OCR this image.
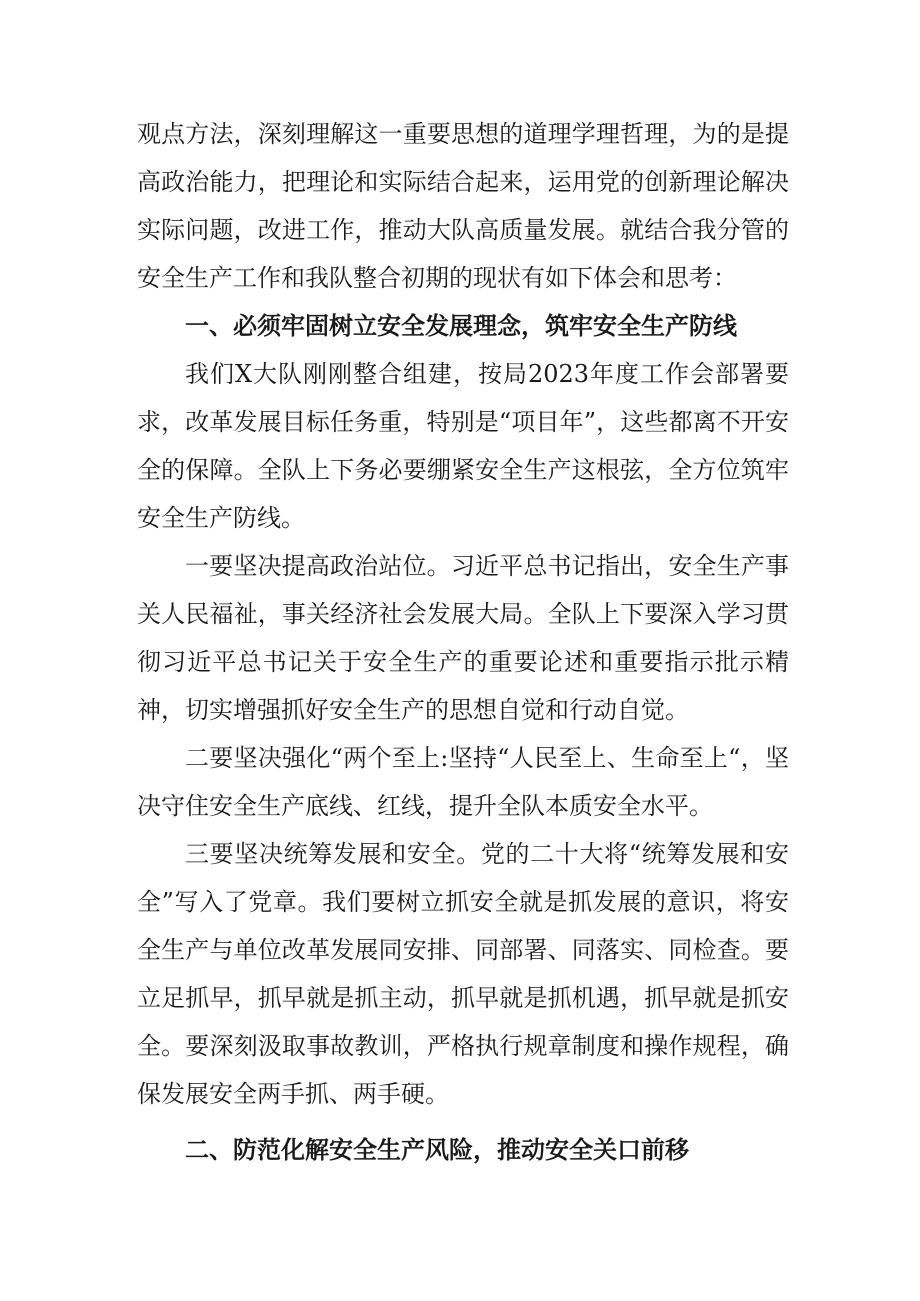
观点方法，深刻理解这一重要思想的道理学理哲理，为的是提高政治能力，把理论和实际结合起来，运用党的创新理论解决实际问题，改进工作，推动大队高质量发展。就结合我分管的安全生产工作和我队整合初期的现状有如下体会和思考：

一、必须牢固树立安全发展理念，筑牢安全生产防线

我们X大队刚刚整合组建，按局2023年度工作会部署要求，改革发展目标任务重，特别是“项目年”，这些都离不开安全的保障。全队上下务必要绷紧安全生产这根弦，全方位筑牢安全生产防线。

一要坚决提高政治站位。习近平总书记指出，安全生产事关人民福祉，事关经济社会发展大局。全队上下要深入学习贯彻习近平总书记关于安全生产的重要论述和重要指示批示精神，切实增强抓好安全生产的思想自觉和行动自觉。

二要坚决强化“两个至上:坚持“人民至上、生命至上“，坚决守住安全生产底线、红线，提升全队本质安全水平。

三要坚决统筹发展和安全。党的二十大将“统筹发展和安全”写入了党章。我们要树立抓安全就是抓发展的意识，将安全生产与单位改革发展同安排、同部署、同落实、同检查。要立足抓早，抓早就是抓主动，抓早就是抓机遇，抓早就是抓安全。要深刻汲取事故教训，严格执行规章制度和操作规程，确保发展安全两手抓、两手硬。

二、防范化解安全生产风险，推动安全关口前移
